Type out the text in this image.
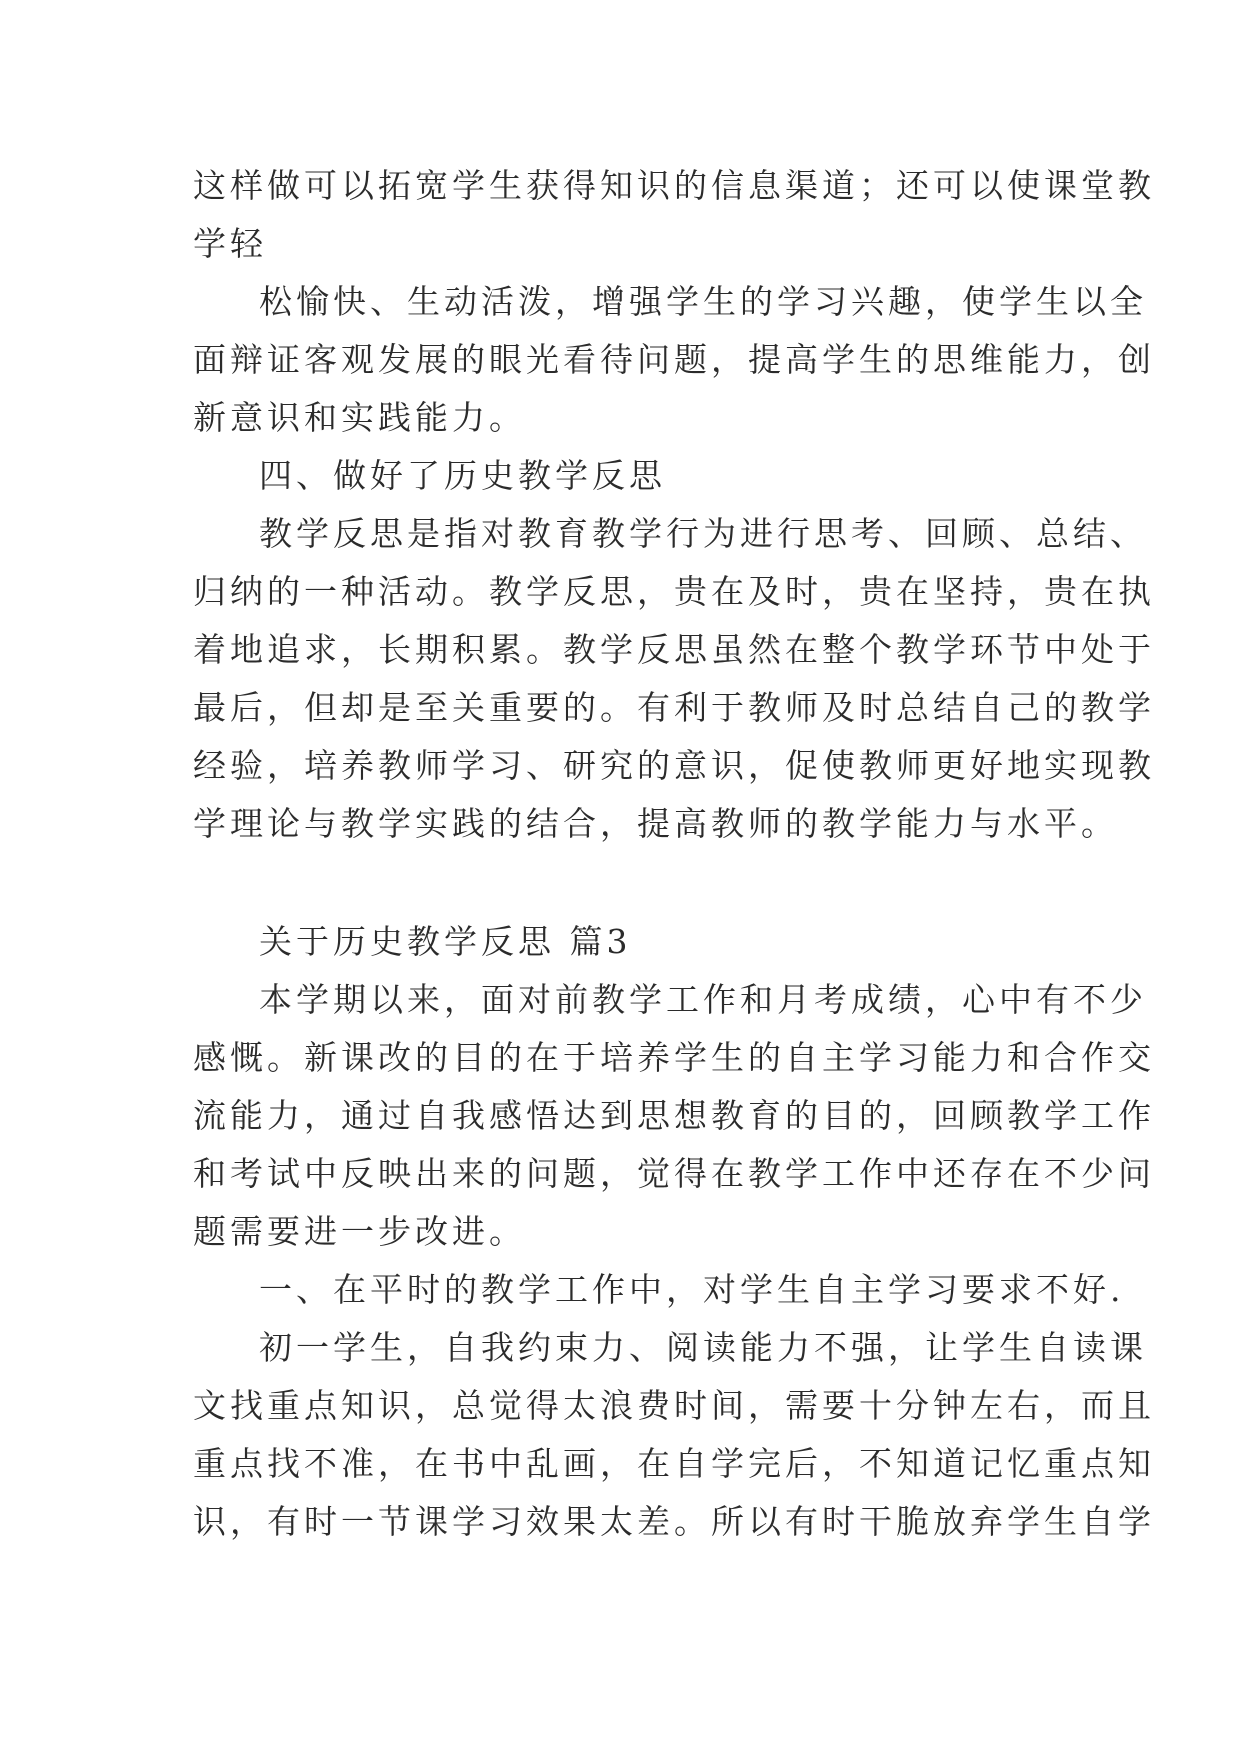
这样做可以拓宽学生获得知识的信息渠道；还可以使课堂教
学轻
松愉快、生动活泼，增强学生的学习兴趣，使学生以全
面辩证客观发展的眼光看待问题，提高学生的思维能力，创
新意识和实践能力。
四、做好了历史教学反思
教学反思是指对教育教学行为进行思考、回顾、总结、
归纳的一种活动。教学反思，贵在及时，贵在坚持，贵在执
着地追求，长期积累。教学反思虽然在整个教学环节中处于
最后，但却是至关重要的。有利于教师及时总结自己的教学
经验，培养教师学习、研究的意识，促使教师更好地实现教
学理论与教学实践的结合，提高教师的教学能力与水平。
关于历史教学反思 篇3
本学期以来，面对前教学工作和月考成绩，心中有不少
感慨。新课改的目的在于培养学生的自主学习能力和合作交
流能力，通过自我感悟达到思想教育的目的，回顾教学工作
和考试中反映出来的问题，觉得在教学工作中还存在不少问
题需要进一步改进。
一、在平时的教学工作中，对学生自主学习要求不好.
初一学生，自我约束力、阅读能力不强，让学生自读课
文找重点知识，总觉得太浪费时间，需要十分钟左右，而且
重点找不准，在书中乱画，在自学完后，不知道记忆重点知
识，有时一节课学习效果太差。所以有时干脆放弃学生自学
